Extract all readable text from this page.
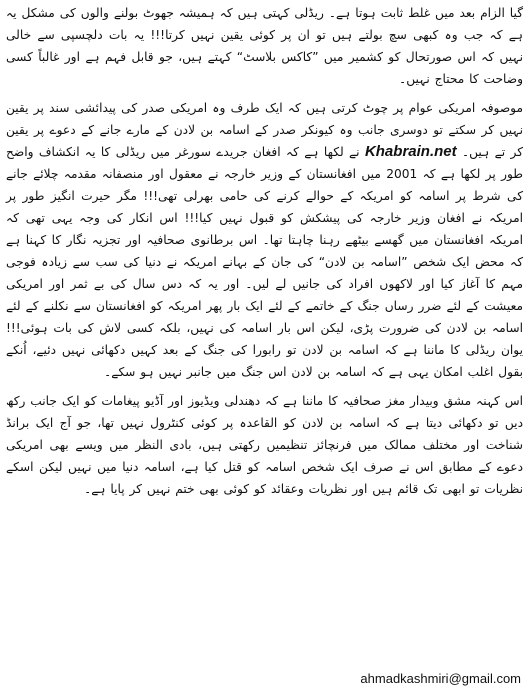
گیا الزام بعد میں غلط ثابت ہوتا ہے۔ ریڈلی کہتی ہیں کہ ہمیشہ جھوٹ بولنے والوں کی مشکل یہ ہے کہ جب وہ کبھی سچ بولتے ہیں تو ان پر کوئی یقین نہیں کرتا!!! یہ بات دلچسپی سے خالی نہیں کہ اس صورتحال کو کشمیر میں ”کاکس بلاسٹ“ کہتے ہیں، جو قابل فہم ہے اور غالباً کسی وضاحت کا محتاج نہیں۔

موصوفہ امریکی عوام پر چوٹ کرتی ہیں کہ ایک طرف وہ امریکی صدر کی پیدائشی سند پر یقین نہیں کر سکتے تو دوسری جانب وہ کیونکر صدر کے اسامہ بن لادن کے مارے جانے کے دعوے پر یقین کر تے ہیں۔ Khabrain.net نے لکھا ہے کہ افغان جریدے سورغر میں ریڈلی کا یہ انکشاف واضح طور پر لکھا ہے کہ 2001 میں افغانستان کے وزیر خارجہ نے معقول اور منصفانہ مقدمہ چلائے جانے کی شرط پر اسامہ کو امریکہ کے حوالے کرنے کی حامی بھرلی تھی!!! مگر حیرت انگیز طور پر امریکہ نے افغان وزیر خارجہ کی پیشکش کو قبول نہیں کیا!!! اس انکار کی وجہ یہی تھی کہ امریکہ افغانستان میں گھسے بیٹھے رہنا چاہتا تھا۔ اس برطانوی صحافیہ اور تجزیہ نگار کا کہنا ہے کہ محض ایک شخص ”اسامہ بن لادن“ کی جان کے بہانے امریکہ نے دنیا کی سب سے زیادہ فوجی مہم کا آغاز کیا اور لاکھوں افراد کی جانیں لے لیں۔ اور یہ کہ دس سال کی بے ثمر اور امریکی معیشت کے لئے ضرر رساں جنگ کے خاتمے کے لئے ایک بار پھر امریکہ کو افغانستان سے نکلنے کے لئے اسامہ بن لادن کی ضرورت پڑی، لیکن اس بار اسامہ کی نہیں، بلکہ کسی لاش کی بات ہوئی!!! یوان ریڈلی کا ماننا ہے کہ اسامہ بن لادن تو رابورا کی جنگ کے بعد کہیں دکھائی نہیں دئیے، اُنکے بقول اغلب امکان یہی ہے کہ اسامہ بن لادن اس جنگ میں جانبر نہیں ہو سکے۔

اس کہنہ مشق وبیدار مغز صحافیہ کا ماننا ہے کہ دھندلی ویڈیوز اور آڈیو پیغامات کو ایک جانب رکھ دیں تو دکھائی دیتا ہے کہ اسامہ بن لادن کو القاعدہ پر کوئی کنٹرول نہیں تھا، جو آج ایک برانڈ شناخت اور مختلف ممالک میں فرنچائز تنظیمیں رکھتی ہیں، بادی النظر میں ویسے بھی امریکی دعوے کے مطابق اس نے صرف ایک شخص اسامہ کو قتل کیا ہے، اسامہ دنیا میں نہیں لیکن اسکے نظریات تو ابھی تک قائم ہیں اور نظریات وعقائد کو کوئی بھی ختم نہیں کر پایا ہے۔

ahmadkashmiri@gmail.com
